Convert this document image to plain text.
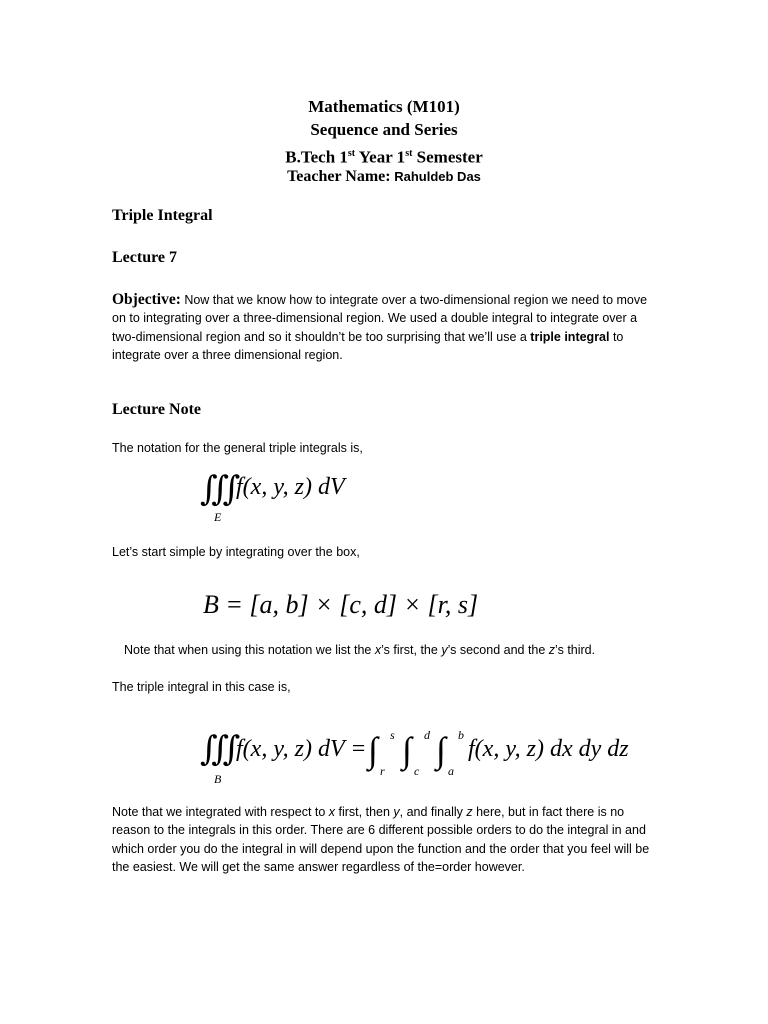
Mathematics (M101)
Sequence and Series
B.Tech 1st Year 1st Semester
Teacher Name: Rahuldeb Das
Triple Integral
Lecture 7
Objective: Now that we know how to integrate over a two-dimensional region we need to move on to integrating over a three-dimensional region. We used a double integral to integrate over a two-dimensional region and so it shouldn’t be too surprising that we’ll use a triple integral to integrate over a three dimensional region.
Lecture Note
The notation for the general triple integrals is,
∭
E
f(x, y, z) dV
Let’s start simple by integrating over the box,
B = [a, b] × [c, d] × [r, s]
Note that when using this notation we list the x’s first, the y’s second and the z’s third.
The triple integral in this case is,
∭
B
f(x, y, z) dV = ∫ s
r
∫ d
c
∫ b
a
f(x, y, z) dx dy dz
Note that we integrated with respect to x first, then y, and finally z here, but in fact there is no reason to the integrals in this order. There are 6 different possible orders to do the integral in and which order you do the integral in will depend upon the function and the order that you feel will be the easiest. We will get the same answer regardless of the=order however.
